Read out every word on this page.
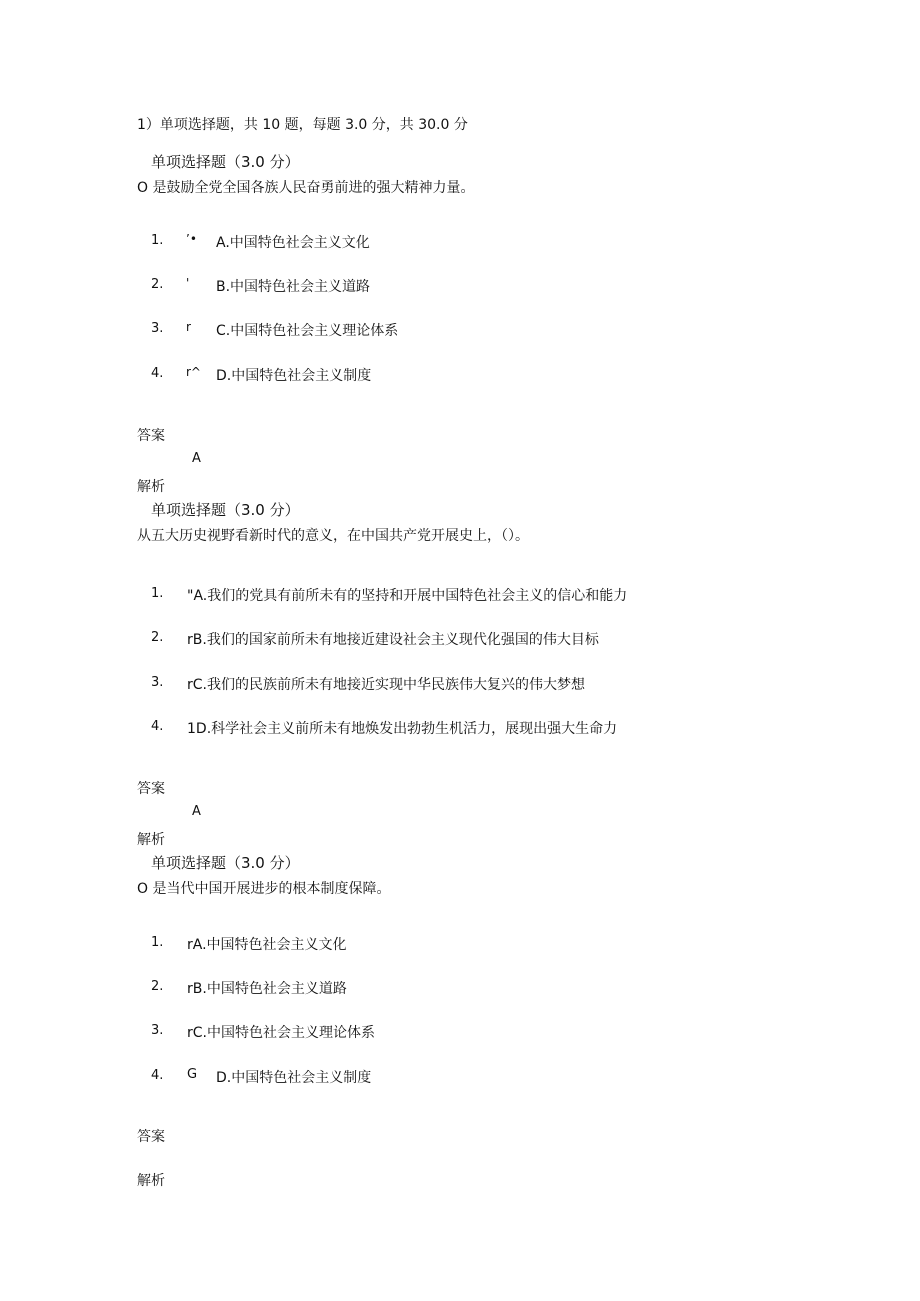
1）单项选择题，共 10 题，每题 3.0 分，共 30.0 分
单项选择题（3.0 分）
O 是鼓励全党全国各族人民奋勇前进的强大精神力量。
1. ’• A.中国特色社会主义文化
2. ' B.中国特色社会主义道路
3. r C.中国特色社会主义理论体系
4. r^ D.中国特色社会主义制度
答案
A
解析
单项选择题（3.0 分）
从五大历史视野看新时代的意义，在中国共产党开展史上，（）。
1. "A.我们的党具有前所未有的坚持和开展中国特色社会主义的信心和能力
2. rB.我们的国家前所未有地接近建设社会主义现代化强国的伟大目标
3. rC.我们的民族前所未有地接近实现中华民族伟大复兴的伟大梦想
4. 1D.科学社会主义前所未有地焕发出勃勃生机活力，展现出强大生命力
答案
A
解析
单项选择题（3.0 分）
O 是当代中国开展进步的根本制度保障。
1. rA.中国特色社会主义文化
2. rB.中国特色社会主义道路
3. rC.中国特色社会主义理论体系
4. G D.中国特色社会主义制度
答案
解析
